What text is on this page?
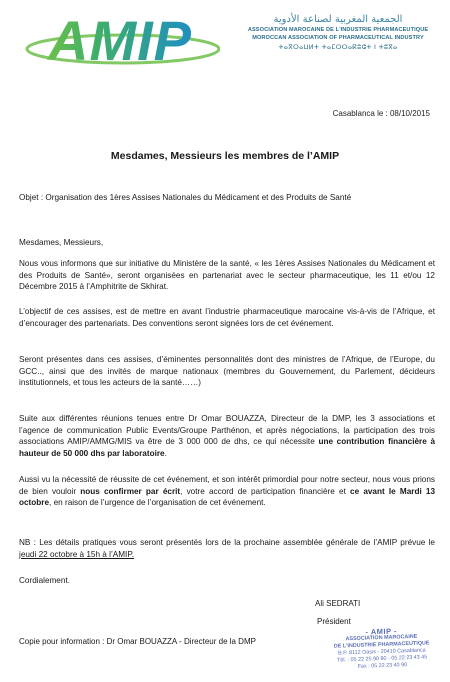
AMIP	الجمعية المغربية لصناعة الأدوية
ASSOCIATION MAROCAINE DE L'INDUSTRIE PHARMACEUTIQUE
MOROCCAN ASSOCIATION OF PHARMACEUTICAL INDUSTRY
ⵜⴰⴳⵔⴰⵡⵍⵜ ⵜⴰⵎⵔⵔⴰⴽⵓⵛⵜ ⵏ ⵜⵓⴳⴰ
Casablanca le : 08/10/2015
Mesdames, Messieurs les membres de l’AMIP
Objet : Organisation des 1ères Assises Nationales du Médicament et des Produits de Santé
Mesdames, Messieurs,
Nous vous informons que sur initiative du Ministère de la santé, « les 1ères Assises Nationales du Médicament et des Produits de Santé», seront organisées en partenariat avec le secteur pharmaceutique, les 11 et/ou 12 Décembre 2015 à l’Amphitrite de Skhirat.
L’objectif de ces assises, est de mettre en avant l’industrie pharmaceutique marocaine vis-à-vis de l’Afrique, et d’encourager des partenariats. Des conventions seront signées lors de cet événement.
Seront présentes dans ces assises, d’éminentes personnalités dont des ministres de l’Afrique, de l’Europe, du GCC.., ainsi que des invités de marque nationaux (membres du Gouvernement, du Parlement, décideurs institutionnels, et tous les acteurs de la santé……)
Suite aux différentes réunions tenues entre Dr Omar BOUAZZA, Directeur de la DMP, les 3 associations et l’agence de communication Public Events/Groupe Parthénon, et après négociations, la participation des trois associations AMIP/AMMG/MIS va être de 3 000 000 de dhs, ce qui nécessite une contribution financière à hauteur de 50 000 dhs par laboratoire.
Aussi vu la nécessité de réussite de cet événement, et son intérêt primordial pour notre secteur, nous vous prions de bien vouloir nous confirmer par écrit, votre accord de participation financière et ce avant le Mardi 13 octobre, en raison de l’urgence de l’organisation de cet événement.
NB : Les détails pratiques vous seront présentés lors de la prochaine assemblée générale de l’AMIP prévue le jeudi 22 octobre à 15h à l’AMIP.
Cordialement.
Ali SEDRATI
Président
Copie pour information : Dr Omar BOUAZZA - Directeur de la DMP
- AMIP -
ASSOCIATION MAROCAINE
DE L'INDUSTRIE PHARMACEUTIQUE
B.P. 8112 Oasis - 20410 Casablanca
Tél. : 05 22 25 90 90 - 05 22 23 43 45
Fax : 05 22 23 40 90
